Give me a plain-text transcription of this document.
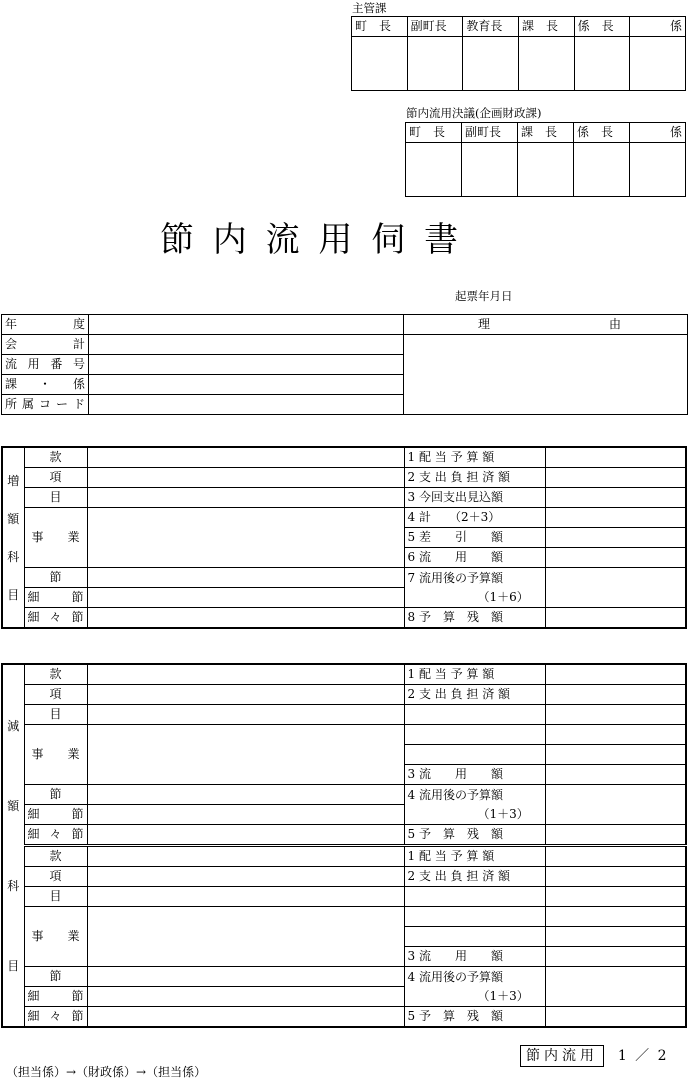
主管課
町　長	副町長	教育長	課　長	係　長	係

節内流用決議(企画財政課)
町　長	副町長	課　長	係　長	係

節 内 流 用 伺 書
起票年月日
年　　度		理　　　　　由
会　　計		
流用番号		
課　・　係		
所属コード		
増
額
科
目	款		1 配 当 予 算 額	
	項		2 支 出 負 担 済 額	
	目		3 今回支出見込額	
	事　　業		4 計　　（2＋3）	
			5 差　　引　　額	
			6 流　　用　　額	
	節		7 流用後の予算額
（1＋6）	
	細　　節			
	細 々 節		8 予　算　残　額	
減
額
科
目	款		1 配 当 予 算 額	
	項		2 支 出 負 担 済 額	
	目			
	事　　業			

			3 流　　用　　額	
	節		4 流用後の予算額
（1＋3）	
	細　　節			
	細 々 節		5 予　算　残　額	
	款		1 配 当 予 算 額	
	項		2 支 出 負 担 済 額	
	目			
	事　　業			

			3 流　　用　　額	
	節		4 流用後の予算額
（1＋3）	
	細　　節			
	細 々 節		5 予　算　残　額	
（担当係）→（財政係）→（担当係）
節内流用 1 ／ 2
